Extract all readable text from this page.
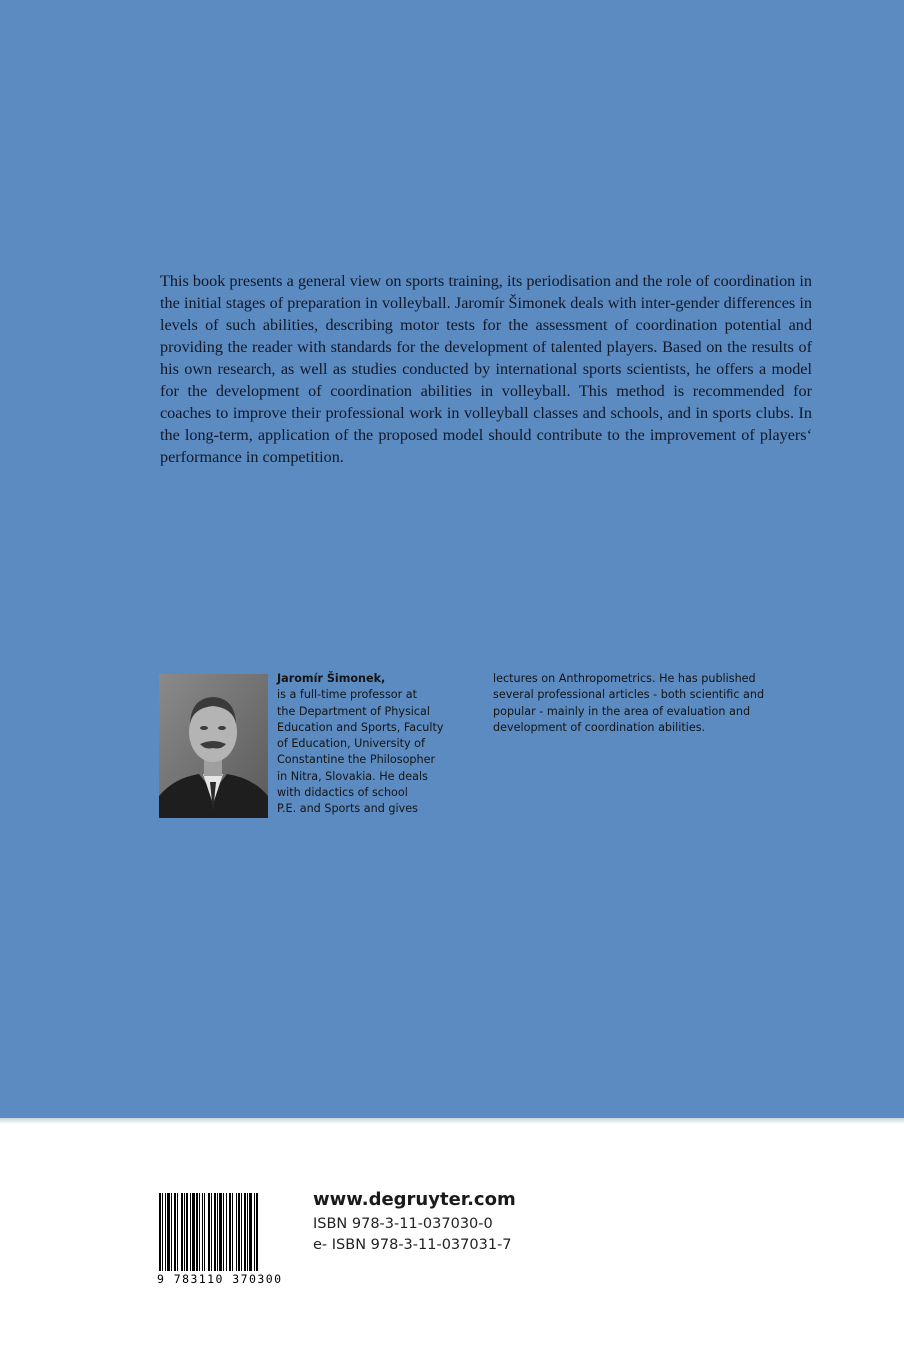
This book presents a general view on sports training, its periodisation and the role of coordination in the initial stages of preparation in volleyball. Jaromír Šimonek deals with inter-gender differences in levels of such abilities, describing motor tests for the assessment of coordination potential and providing the reader with standards for the development of talented players. Based on the results of his own research, as well as studies conducted by international sports scientists, he offers a model for the development of coordination abilities in volleyball. This method is recommended for coaches to improve their professional work in volleyball classes and schools, and in sports clubs. In the long-term, application of the proposed model should contribute to the improvement of players‘ performance in competition.

Jaromír Šimonek,
is a full-time professor at
the Department of Physical
Education and Sports, Faculty
of Education, University of
Constantine the Philosopher
in Nitra, Slovakia. He deals
with didactics of school
P.E. and Sports and gives
lectures on Anthropometrics. He has published
several professional articles - both scientific and
popular - mainly in the area of evaluation and
development of coordination abilities.
9 783110 370300
www.degruyter.com
ISBN 978-3-11-037030-0
e- ISBN 978-3-11-037031-7
